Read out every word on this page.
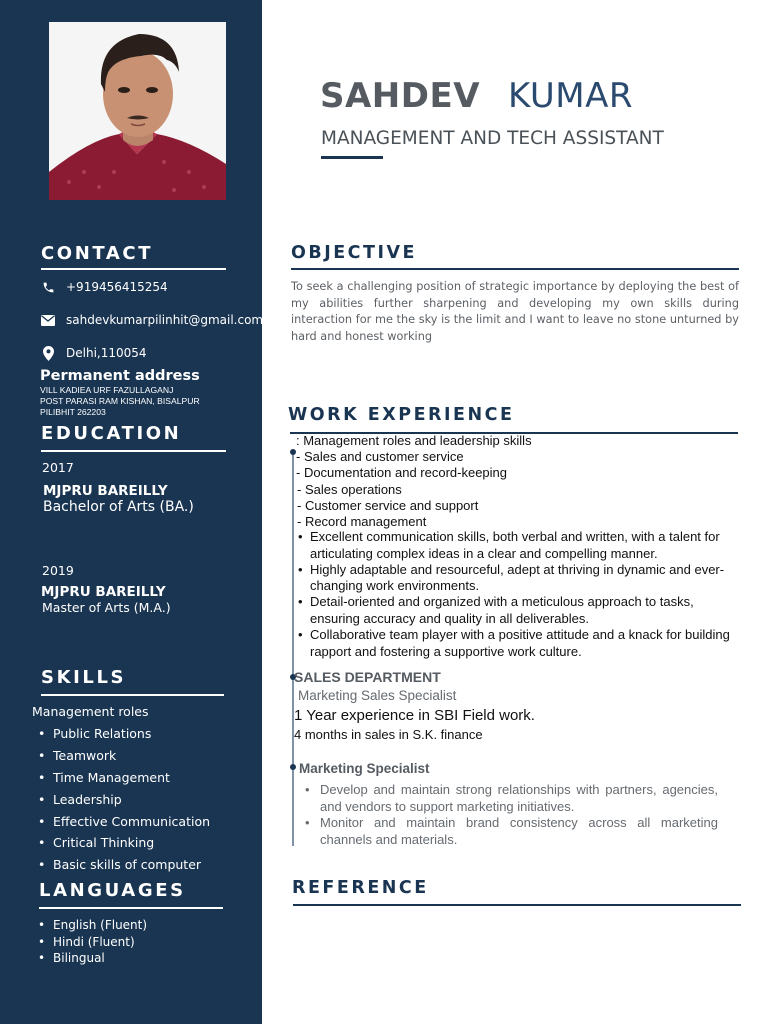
CONTACT
+919456415254
sahdevkumarpilinhit@gmail.com
Delhi,110054
Permanent address
VILL KADIEA URF FAZULLAGANJ
POST PARASI RAM KISHAN, BISALPUR
PILIBHIT 262203
EDUCATION
2017
MJPRU BAREILLY
Bachelor of Arts (BA.)
2019
MJPRU BAREILLY
Master of Arts (M.A.)
SKILLS
Management roles
• Public Relations
• Teamwork
• Time Management
• Leadership
• Effective Communication
• Critical Thinking
• Basic skills of computer
LANGUAGES
• English (Fluent)
• Hindi (Fluent)
• Bilingual
SAHDEV KUMAR
MANAGEMENT AND TECH ASSISTANT
OBJECTIVE
To seek a challenging position of strategic importance by deploying the best of my abilities further sharpening and developing my own skills during interaction for me the sky is the limit and I want to leave no stone unturned by hard and honest working
WORK EXPERIENCE
: Management roles and leadership skills
- Sales and customer service
- Documentation and record-keeping
- Sales operations
- Customer service and support
- Record management
• Excellent communication skills, both verbal and written, with a talent for articulating complex ideas in a clear and compelling manner.
• Highly adaptable and resourceful, adept at thriving in dynamic and ever-changing work environments.
• Detail-oriented and organized with a meticulous approach to tasks, ensuring accuracy and quality in all deliverables.
• Collaborative team player with a positive attitude and a knack for building rapport and fostering a supportive work culture.
SALES DEPARTMENT
Marketing Sales Specialist
1 Year experience in SBI Field work.
4 months in sales in S.K. finance
Marketing Specialist
• Develop and maintain strong relationships with partners, agencies, and vendors to support marketing initiatives.
• Monitor and maintain brand consistency across all marketing channels and materials.
REFERENCE
